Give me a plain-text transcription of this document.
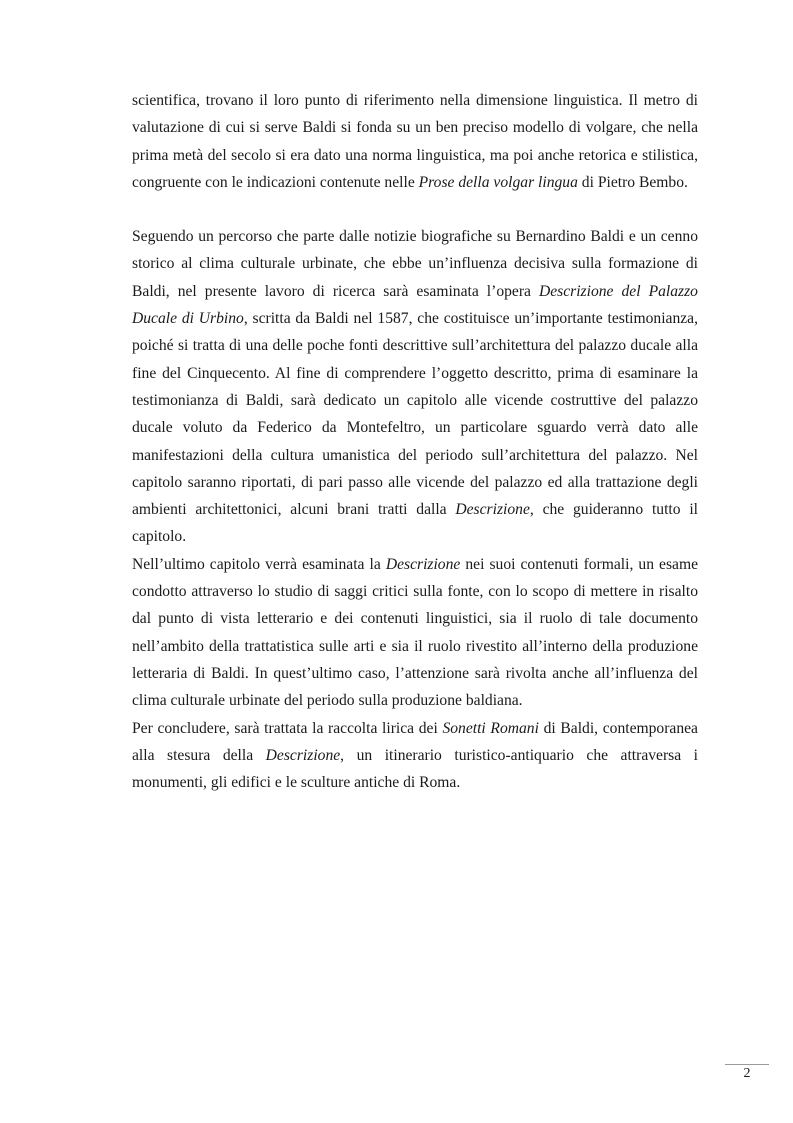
scientifica, trovano il loro punto di riferimento nella dimensione linguistica. Il metro di valutazione di cui si serve Baldi si fonda su un ben preciso modello di volgare, che nella prima metà del secolo si era dato una norma linguistica, ma poi anche retorica e stilistica, congruente con le indicazioni contenute nelle Prose della volgar lingua di Pietro Bembo.

Seguendo un percorso che parte dalle notizie biografiche su Bernardino Baldi e un cenno storico al clima culturale urbinate, che ebbe un’influenza decisiva sulla formazione di Baldi, nel presente lavoro di ricerca sarà esaminata l’opera Descrizione del Palazzo Ducale di Urbino, scritta da Baldi nel 1587, che costituisce un’importante testimonianza, poiché si tratta di una delle poche fonti descrittive sull’architettura del palazzo ducale alla fine del Cinquecento. Al fine di comprendere l’oggetto descritto, prima di esaminare la testimonianza di Baldi, sarà dedicato un capitolo alle vicende costruttive del palazzo ducale voluto da Federico da Montefeltro, un particolare sguardo verrà dato alle manifestazioni della cultura umanistica del periodo sull’architettura del palazzo. Nel capitolo saranno riportati, di pari passo alle vicende del palazzo ed alla trattazione degli ambienti architettonici, alcuni brani tratti dalla Descrizione, che guideranno tutto il capitolo.

Nell’ultimo capitolo verrà esaminata la Descrizione nei suoi contenuti formali, un esame condotto attraverso lo studio di saggi critici sulla fonte, con lo scopo di mettere in risalto dal punto di vista letterario e dei contenuti linguistici, sia il ruolo di tale documento nell’ambito della trattatistica sulle arti e sia il ruolo rivestito all’interno della produzione letteraria di Baldi. In quest’ultimo caso, l’attenzione sarà rivolta anche all’influenza del clima culturale urbinate del periodo sulla produzione baldiana.

Per concludere, sarà trattata la raccolta lirica dei Sonetti Romani di Baldi, contemporanea alla stesura della Descrizione, un itinerario turistico-antiquario che attraversa i monumenti, gli edifici e le sculture antiche di Roma.

2
